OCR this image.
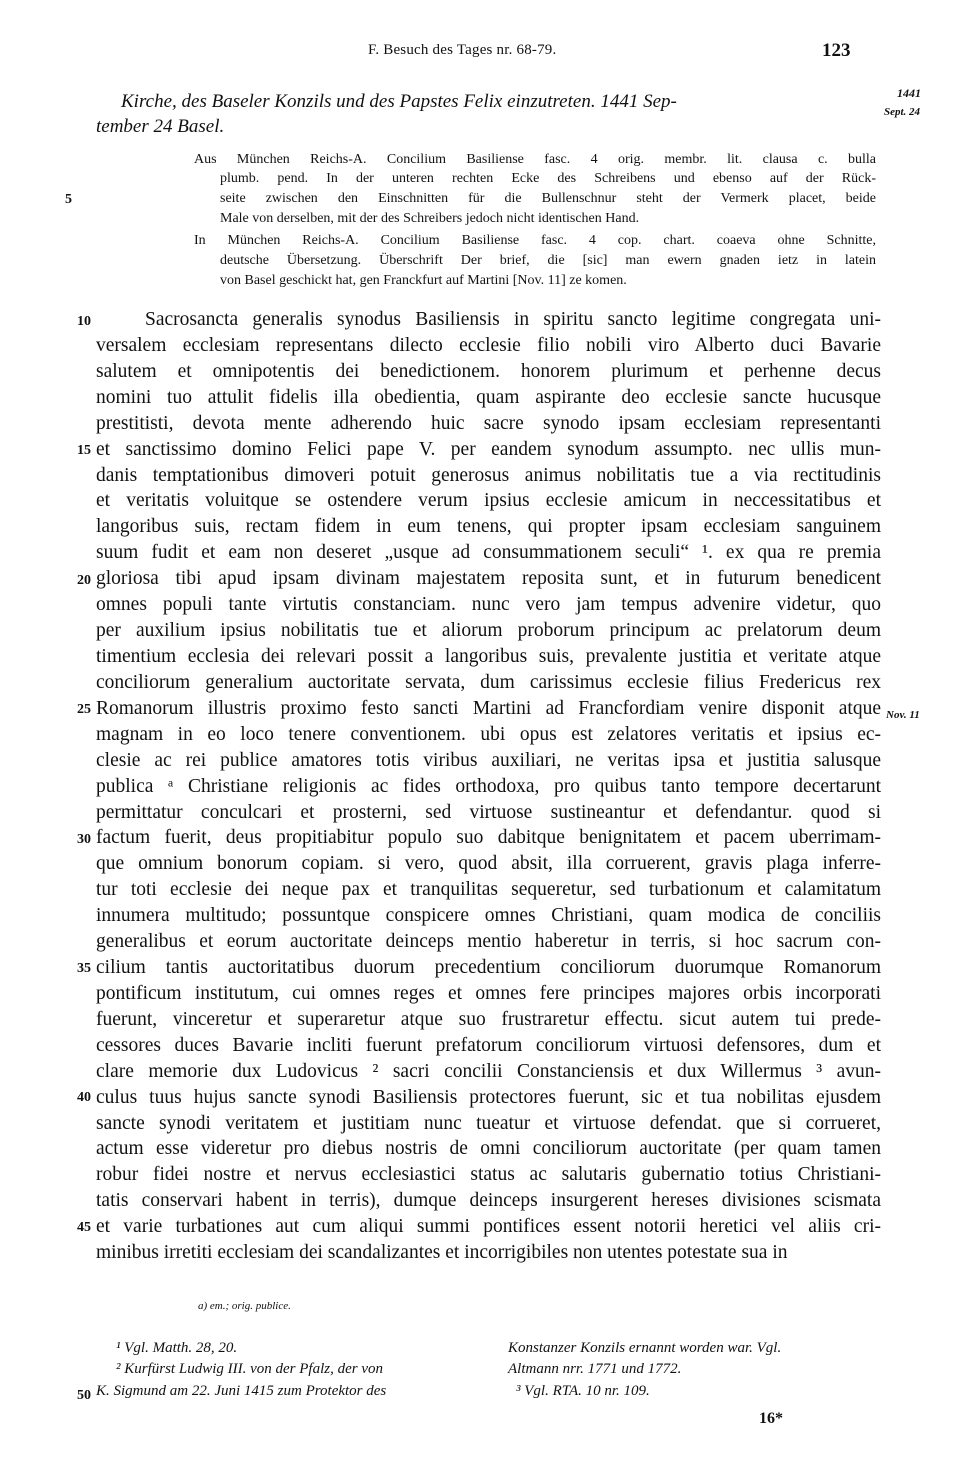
F. Besuch des Tages nr. 68-79.	123
1441
Sept. 24
Kirche, des Baseler Konzils und des Papstes Felix einzutreten. 1441 Sep-
tember 24 Basel.
Aus München Reichs-A. Concilium Basiliense fasc. 4 orig. membr. lit. clausa c. bulla
plumb. pend. In der unteren rechten Ecke des Schreibens und ebenso auf der Rück-
seite zwischen den Einschnitten für die Bullenschnur steht der Vermerk placet, beide
Male von derselben, mit der des Schreibers jedoch nicht identischen Hand.
In München Reichs-A. Concilium Basiliense fasc. 4 cop. chart. coaeva ohne Schnitte,
deutsche Übersetzung. Überschrift Der brief, die [sic] man ewern gnaden ietz in latein
von Basel geschickt hat, gen Franckfurt auf Martini [Nov. 11] ze komen.
5
Sacrosancta generalis synodus Basiliensis in spiritu sancto legitime congregata uni-
versalem ecclesiam representans dilecto ecclesie filio nobili viro Alberto duci Bavarie
salutem et omnipotentis dei benedictionem. honorem plurimum et perhenne decus
nomini tuo attulit fidelis illa obedientia, quam aspirante deo ecclesie sancte hucusque
prestitisti, devota mente adherendo huic sacre synodo ipsam ecclesiam representanti
et sanctissimo domino Felici pape V. per eandem synodum assumpto. nec ullis mun-
danis temptationibus dimoveri potuit generosus animus nobilitatis tue a via rectitudinis
et veritatis voluitque se ostendere verum ipsius ecclesie amicum in neccessitatibus et
langoribus suis, rectam fidem in eum tenens, qui propter ipsam ecclesiam sanguinem
suum fudit et eam non deseret „usque ad consummationem seculi“ ¹. ex qua re premia
gloriosa tibi apud ipsam divinam majestatem reposita sunt, et in futurum benedicent
omnes populi tante virtutis constanciam. nunc vero jam tempus advenire videtur, quo
per auxilium ipsius nobilitatis tue et aliorum proborum principum ac prelatorum deum
timentium ecclesia dei relevari possit a langoribus suis, prevalente justitia et veritate atque
conciliorum generalium auctoritate servata, dum carissimus ecclesie filius Fredericus rex
Romanorum illustris proximo festo sancti Martini ad Francfordiam venire disponit atque
magnam in eo loco tenere conventionem. ubi opus est zelatores veritatis et ipsius ec-
clesie ac rei publice amatores totis viribus auxiliari, ne veritas ipsa et justitia salusque
publica ᵃ Christiane religionis ac fides orthodoxa, pro quibus tanto tempore decertarunt
permittatur conculcari et prosterni, sed virtuose sustineantur et defendantur. quod si
factum fuerit, deus propitiabitur populo suo dabitque benignitatem et pacem uberrimam-
que omnium bonorum copiam. si vero, quod absit, illa corruerent, gravis plaga inferre-
tur toti ecclesie dei neque pax et tranquilitas sequeretur, sed turbationum et calamitatum
innumera multitudo; possuntque conspicere omnes Christiani, quam modica de conciliis
generalibus et eorum auctoritate deinceps mentio haberetur in terris, si hoc sacrum con-
cilium tantis auctoritatibus duorum precedentium conciliorum duorumque Romanorum
pontificum institutum, cui omnes reges et omnes fere principes majores orbis incorporati
fuerunt, vinceretur et superaretur atque suo frustraretur effectu. sicut autem tui prede-
cessores duces Bavarie incliti fuerunt prefatorum conciliorum virtuosi defensores, dum et
clare memorie dux Ludovicus ² sacri concilii Constanciensis et dux Willermus ³ avun-
culus tuus hujus sancte synodi Basiliensis protectores fuerunt, sic et tua nobilitas ejusdem
sancte synodi veritatem et justitiam nunc tueatur et virtuose defendat. que si corrueret,
actum esse videretur pro diebus nostris de omni conciliorum auctoritate (per quam tamen
robur fidei nostre et nervus ecclesiastici status ac salutaris gubernatio totius Christiani-
tatis conservari habent in terris), dumque deinceps insurgerent hereses divisiones scismata
et varie turbationes aut cum aliqui summi pontifices essent notorii heretici vel aliis cri-
minibus irretiti ecclesiam dei scandalizantes et incorrigibiles non utentes potestate sua in
10
15
20
25
30
35
40
45
50
Nov. 11
a) em.; orig. publice.
¹ Vgl. Matth. 28, 20.
² Kurfürst Ludwig III. von der Pfalz, der von
K. Sigmund am 22. Juni 1415 zum Protektor des
Konstanzer Konzils ernannt worden war. Vgl.
Altmann nrr. 1771 und 1772.
³ Vgl. RTA. 10 nr. 109.
16*
